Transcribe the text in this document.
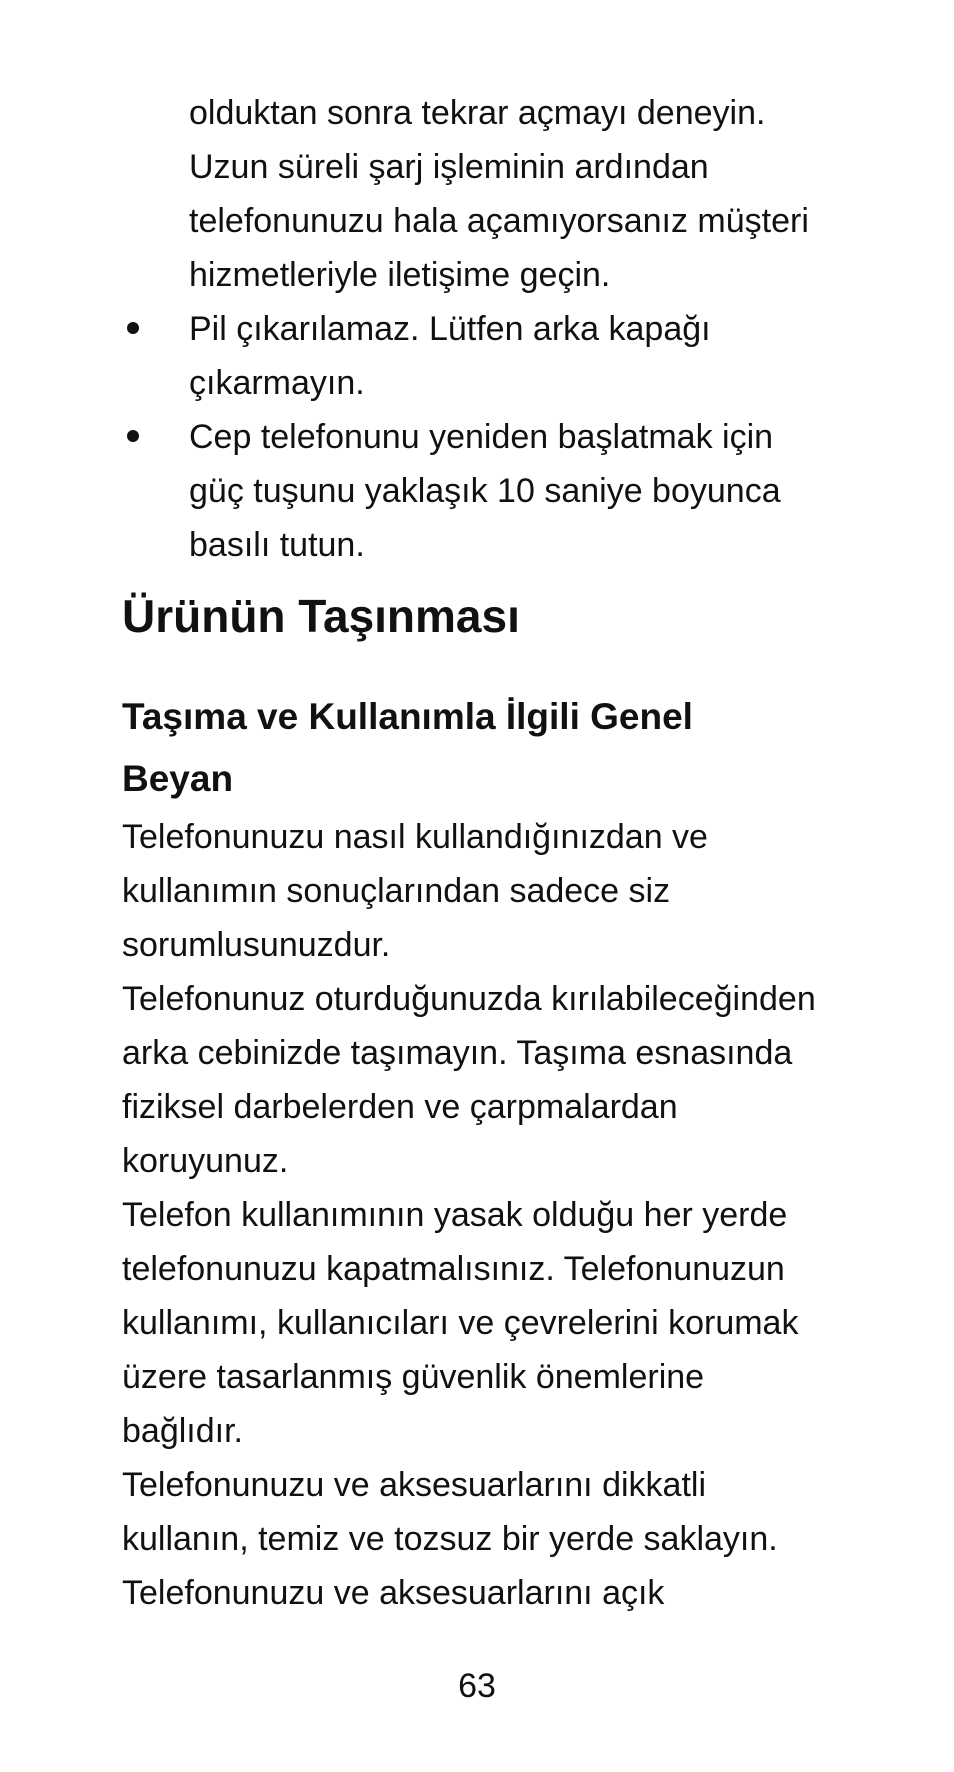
olduktan sonra tekrar açmayı deneyin.
Uzun süreli şarj işleminin ardından
telefonunuzu hala açamıyorsanız müşteri
hizmetleriyle iletişime geçin.
Pil çıkarılamaz. Lütfen arka kapağı
çıkarmayın.
Cep telefonunu yeniden başlatmak için
güç tuşunu yaklaşık 10 saniye boyunca
basılı tutun.
Ürünün Taşınması
Taşıma ve Kullanımla İlgili Genel
Beyan
Telefonunuzu nasıl kullandığınızdan ve
kullanımın sonuçlarından sadece siz
sorumlusunuzdur.
Telefonunuz oturduğunuzda kırılabileceğinden
arka cebinizde taşımayın. Taşıma esnasında
fiziksel darbelerden ve çarpmalardan
koruyunuz.
Telefon kullanımının yasak olduğu her yerde
telefonunuzu kapatmalısınız. Telefonunuzun
kullanımı, kullanıcıları ve çevrelerini korumak
üzere tasarlanmış güvenlik önemlerine
bağlıdır.
Telefonunuzu ve aksesuarlarını dikkatli
kullanın, temiz ve tozsuz bir yerde saklayın.
Telefonunuzu ve aksesuarlarını açık
63
